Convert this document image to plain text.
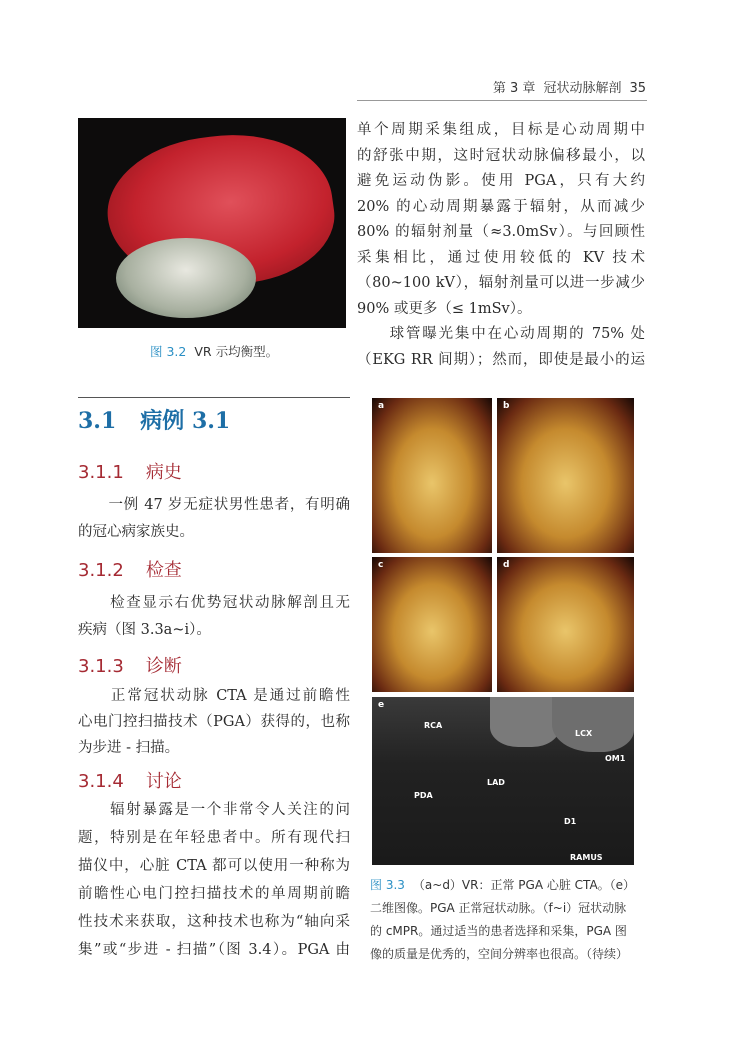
第 3 章 冠状动脉解剖 35
图 3.2 VR 示均衡型。
单个周期采集组成，目标是心动周期中
的舒张中期，这时冠状动脉偏移最小，以
避免运动伪影。使用 PGA，只有大约
20% 的心动周期暴露于辐射，从而减少
80% 的辐射剂量（≈3.0mSv）。与回顾性
采集相比，通过使用较低的 KV 技术
（80~100 kV），辐射剂量可以进一步减少
90% 或更多（≤ 1mSv）。
　　球管曝光集中在心动周期的 75% 处
（EKG RR 间期）；然而，即使是最小的运
3.1 病例 3.1
3.1.1 病史
　　一例 47 岁无症状男性患者，有明确
的冠心病家族史。
3.1.2 检查
　　检查显示右优势冠状动脉解剖且无
疾病（图 3.3a~i）。
3.1.3 诊断
　　正常冠状动脉 CTA 是通过前瞻性
心电门控扫描技术（PGA）获得的，也称
为步进 - 扫描。
3.1.4 讨论
　　辐射暴露是一个非常令人关注的问
题，特别是在年轻患者中。所有现代扫
描仪中，心脏 CTA 都可以使用一种称为
前瞻性心电门控扫描技术的单周期前瞻
性技术来获取，这种技术也称为“轴向采
集”或“步进 - 扫描”（图 3.4）。PGA 由
a	b
c	d
e
RCA
LCX
OM1
LAD
PDA
D1
RAMUS
图 3.3 （a~d）VR：正常 PGA 心脏 CTA。（e）
二维图像。PGA 正常冠状动脉。（f~i）冠状动脉
的 cMPR。通过适当的患者选择和采集，PGA 图
像的质量是优秀的，空间分辨率也很高。（待续）
